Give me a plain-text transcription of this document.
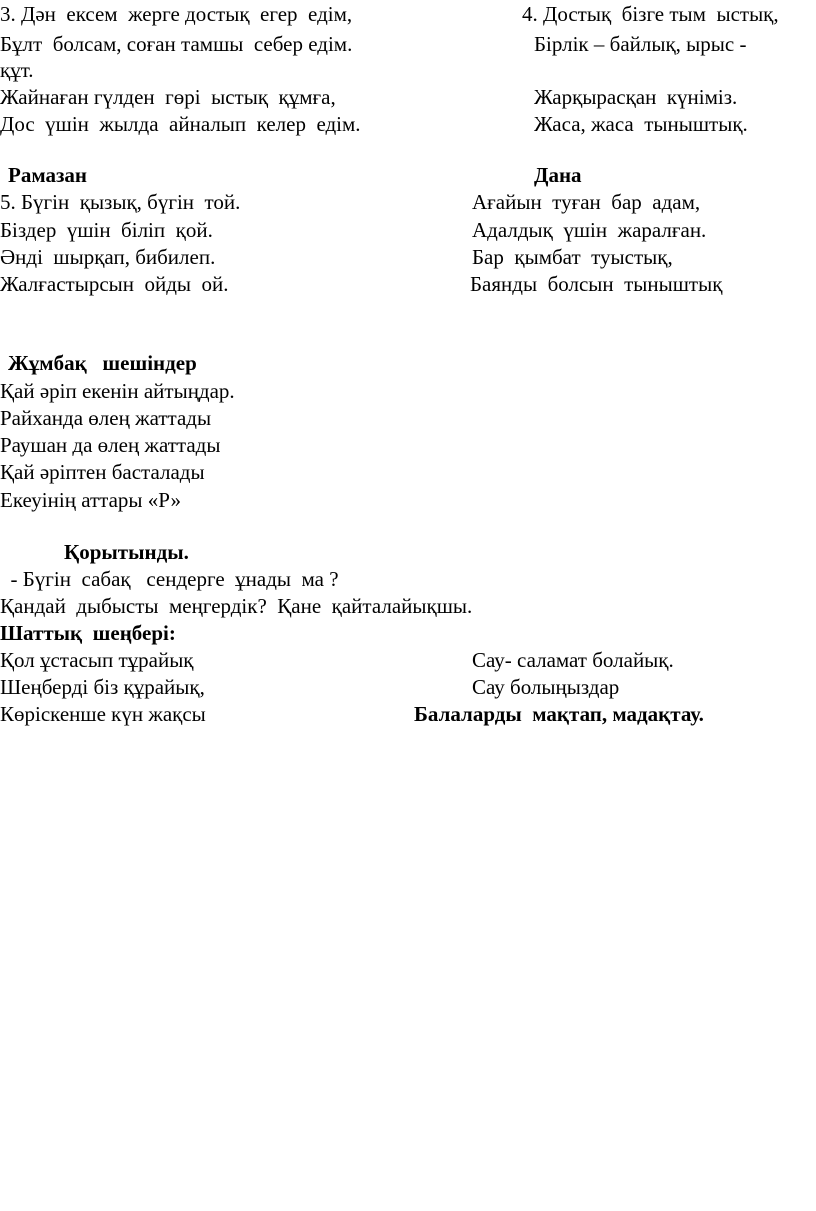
3. Дән  ексем  жерге достық  егер  едім,
Бұлт  болсам, соған тамшы  себер едім.
құт.
Жайнаған гүлден  гөрі  ыстық  құмға,
Дос  үшін  жылда  айналып  келер  едім.
Рамазан
4. Достық  бізге тым  ыстық,
Бірлік – байлық, ырыс -
Жарқырасқан  күніміз.
Жаса, жаса  тыныштық.
Дана
5. Бүгін  қызық, бүгін  той.
Біздер  үшін  біліп  қой.
Әнді  шырқап, бибилеп.
Жалғастырсын  ойды  ой.
Ағайын  туған  бар  адам,
Адалдық  үшін  жаралған.
Бар  қымбат  туыстық,
Баянды  болсын  тыныштық
Жұмбақ   шешіндер
Қай әріп екенін айтыңдар.
Райханда өлең жаттады
Раушан да өлең жаттады
Қай әріптен басталады
Екеуінің аттары «Р»
Қорытынды.
- Бүгін  сабақ   сендерге  ұнады  ма ?
Қандай  дыбысты  меңгердік?  Қане  қайталайықшы.
Шаттық  шеңбері:
Қол ұстасып тұрайық
Шеңберді біз құрайық,
Көріскенше күн жақсы
Сау- саламат болайық.
Сау болыңыздар
Балаларды  мақтап, мадақтау.
